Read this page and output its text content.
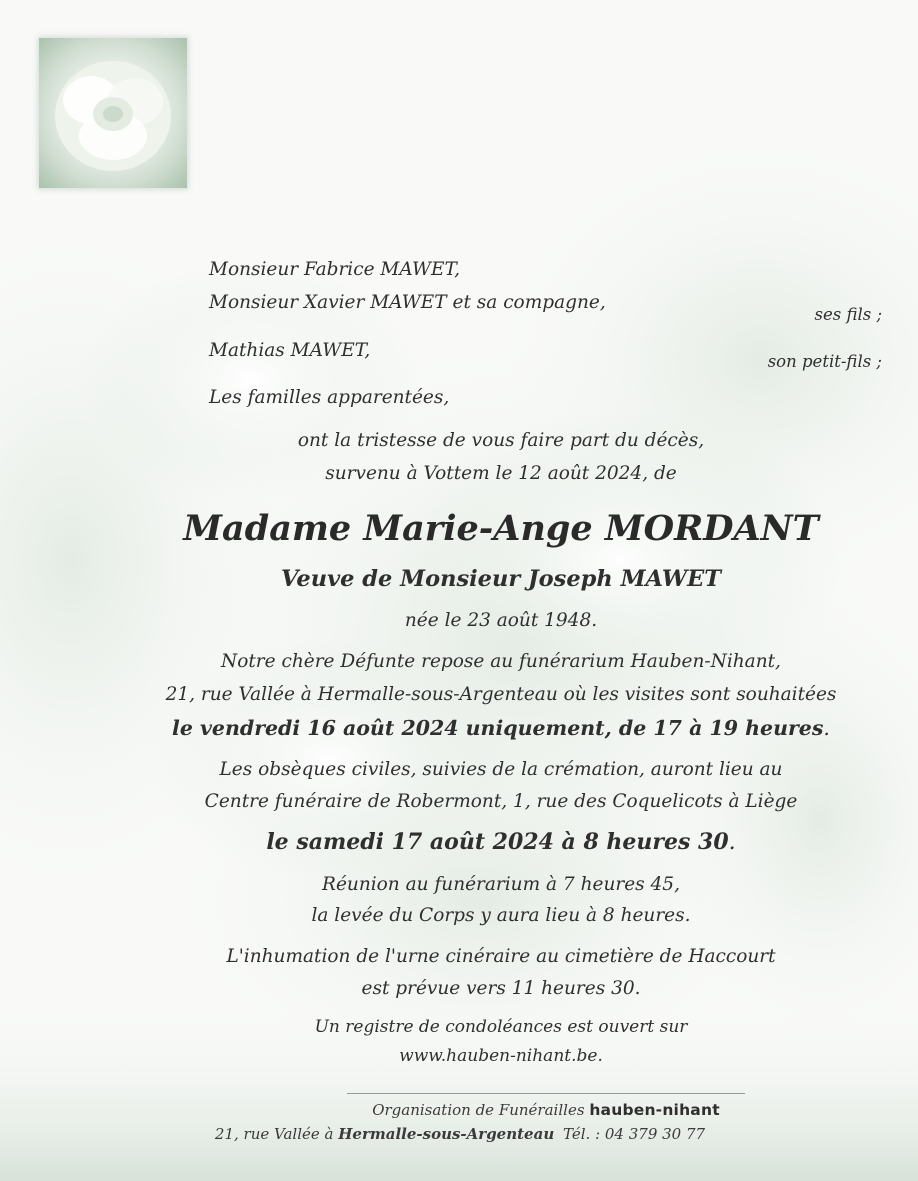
Monsieur Fabrice MAWET,
Monsieur Xavier MAWET et sa compagne,
ses fils ;
Mathias MAWET,
son petit-fils ;
Les familles apparentées,
ont la tristesse de vous faire part du décès,
survenu à Vottem le 12 août 2024, de
Madame Marie-Ange MORDANT
Veuve de Monsieur Joseph MAWET
née le 23 août 1948.
Notre chère Défunte repose au funérarium Hauben-Nihant,
21, rue Vallée à Hermalle-sous-Argenteau où les visites sont souhaitées
le vendredi 16 août 2024 uniquement, de 17 à 19 heures.
Les obsèques civiles, suivies de la crémation, auront lieu au
Centre funéraire de Robermont, 1, rue des Coquelicots à Liège
le samedi 17 août 2024 à 8 heures 30.
Réunion au funérarium à 7 heures 45,
la levée du Corps y aura lieu à 8 heures.
L'inhumation de l'urne cinéraire au cimetière de Haccourt
est prévue vers 11 heures 30.
Un registre de condoléances est ouvert sur
www.hauben-nihant.be.
Organisation de Funérailles hauben-nihant
21, rue Vallée à Hermalle-sous-Argenteau Tél. : 04 379 30 77
